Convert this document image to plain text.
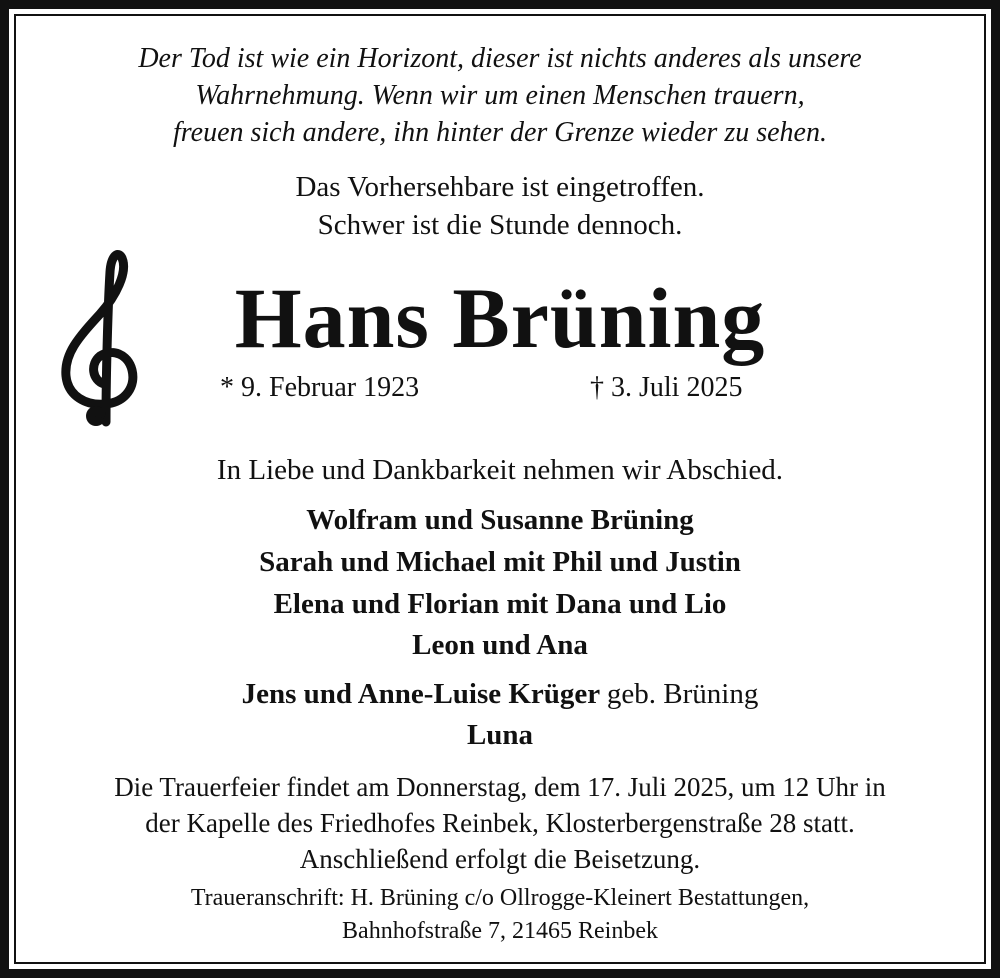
Der Tod ist wie ein Horizont, dieser ist nichts anderes als unsere
Wahrnehmung. Wenn wir um einen Menschen trauern,
freuen sich andere, ihn hinter der Grenze wieder zu sehen.
Das Vorhersehbare ist eingetroffen.
Schwer ist die Stunde dennoch.
Hans Brüning
* 9. Februar 1923	† 3. Juli 2025
In Liebe und Dankbarkeit nehmen wir Abschied.
Wolfram und Susanne Brüning
Sarah und Michael mit Phil und Justin
Elena und Florian mit Dana und Lio
Leon und Ana
Jens und Anne-Luise Krüger geb. Brüning
Luna
Die Trauerfeier findet am Donnerstag, dem 17. Juli 2025, um 12 Uhr in
der Kapelle des Friedhofes Reinbek, Klosterbergenstraße 28 statt.
Anschließend erfolgt die Beisetzung.
Traueranschrift: H. Brüning c/o Ollrogge-Kleinert Bestattungen,
Bahnhofstraße 7, 21465 Reinbek
